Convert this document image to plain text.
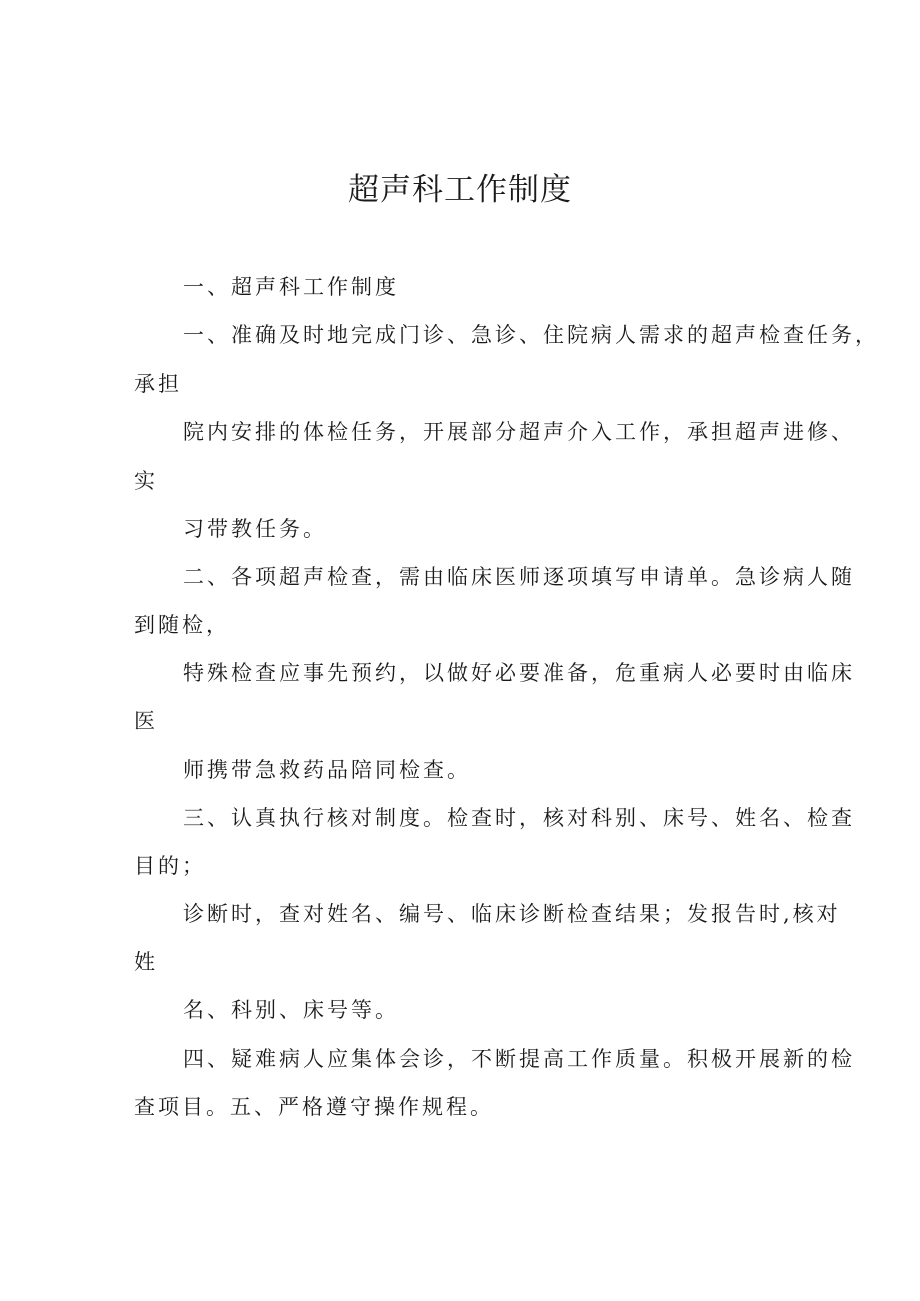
超声科工作制度

一、超声科工作制度

一、准确及时地完成门诊、急诊、住院病人需求的超声检查任务，

承担

院内安排的体检任务，开展部分超声介入工作，承担超声进修、

实

习带教任务。

二、各项超声检查，需由临床医师逐项填写申请单。急诊病人随

到随检，

特殊检查应事先预约，以做好必要准备，危重病人必要时由临床

医

师携带急救药品陪同检查。

三、认真执行核对制度。检查时，核对科别、床号、姓名、检查

目的；

诊断时，查对姓名、编号、临床诊断检查结果；发报告时,核对

姓

名、科别、床号等。

四、疑难病人应集体会诊，不断提高工作质量。积极开展新的检

查项目。五、严格遵守操作规程。
